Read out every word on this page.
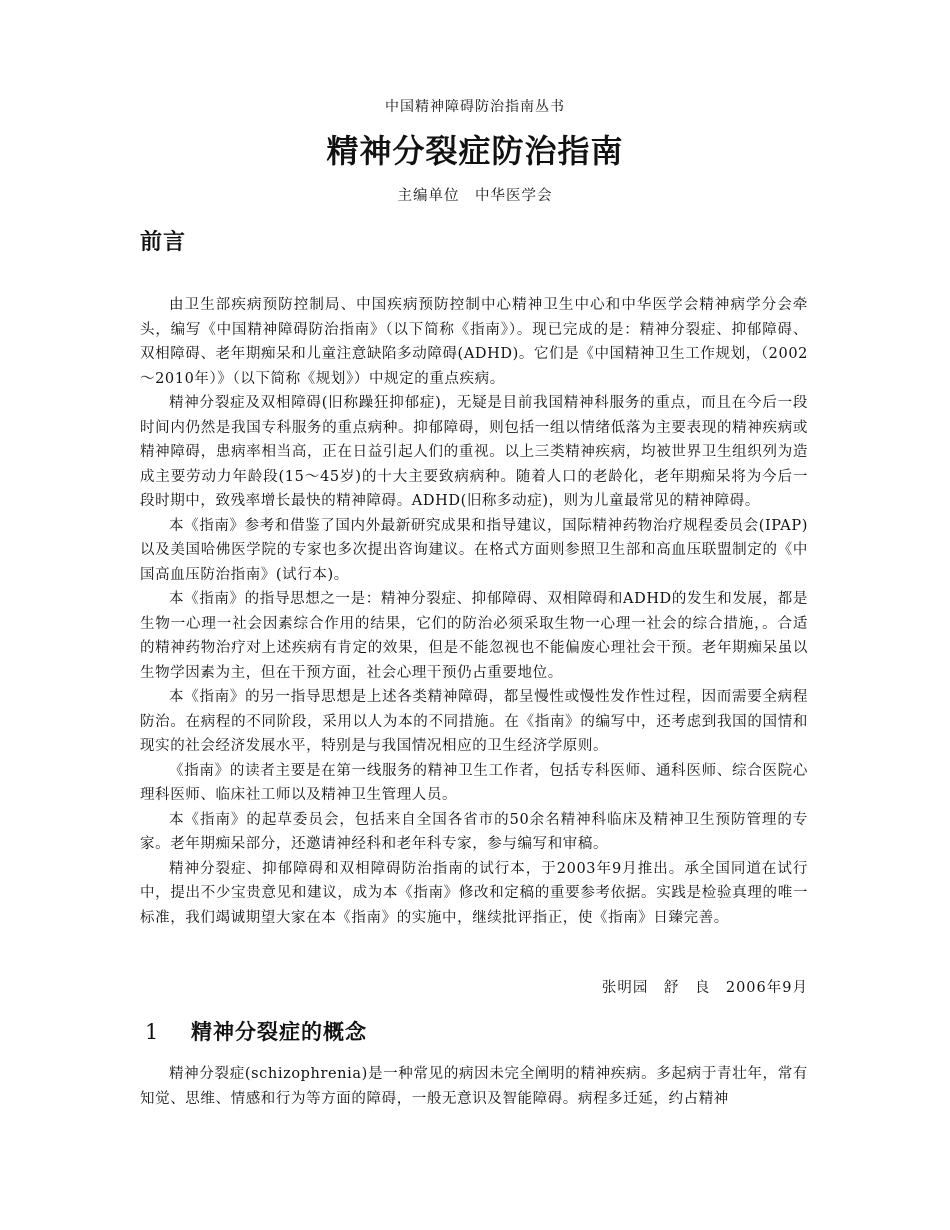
中国精神障碍防治指南丛书
精神分裂症防治指南
主编单位　中华医学会
前言

由卫生部疾病预防控制局、中国疾病预防控制中心精神卫生中心和中华医学会精神病学分会牵头，编写《中国精神障碍防治指南》（以下简称《指南》）。现已完成的是：精神分裂症、抑郁障碍、双相障碍、老年期痴呆和儿童注意缺陷多动障碍(ADHD)。它们是《中国精神卫生工作规划，（2002～2010年）》（以下简称《规划》）中规定的重点疾病。

精神分裂症及双相障碍(旧称躁狂抑郁症)，无疑是目前我国精神科服务的重点，而且在今后一段时间内仍然是我国专科服务的重点病种。抑郁障碍，则包括一组以情绪低落为主要表现的精神疾病或精神障碍，患病率相当高，正在日益引起人们的重视。以上三类精神疾病，均被世界卫生组织列为造成主要劳动力年龄段(15～45岁)的十大主要致病病种。随着人口的老龄化，老年期痴呆将为今后一段时期中，致残率增长最快的精神障碍。ADHD(旧称多动症)，则为儿童最常见的精神障碍。

本《指南》参考和借鉴了国内外最新研究成果和指导建议，国际精神药物治疗规程委员会(IPAP)以及美国哈佛医学院的专家也多次提出咨询建议。在格式方面则参照卫生部和高血压联盟制定的《中国高血压防治指南》(试行本)。

本《指南》的指导思想之一是：精神分裂症、抑郁障碍、双相障碍和ADHD的发生和发展，都是生物一心理一社会因素综合作用的结果，它们的防治必须采取生物一心理一社会的综合措施，。合适的精神药物治疗对上述疾病有肯定的效果，但是不能忽视也不能偏废心理社会干预。老年期痴呆虽以生物学因素为主，但在干预方面，社会心理干预仍占重要地位。

本《指南》的另一指导思想是上述各类精神障碍，都呈慢性或慢性发作性过程，因而需要全病程防治。在病程的不同阶段，采用以人为本的不同措施。在《指南》的编写中，还考虑到我国的国情和现实的社会经济发展水平，特别是与我国情况相应的卫生经济学原则。

《指南》的读者主要是在第一线服务的精神卫生工作者，包括专科医师、通科医师、综合医院心理科医师、临床社工师以及精神卫生管理人员。

本《指南》的起草委员会，包括来自全国各省市的50余名精神科临床及精神卫生预防管理的专家。老年期痴呆部分，还邀请神经科和老年科专家，参与编写和审稿。

精神分裂症、抑郁障碍和双相障碍防治指南的试行本，于2003年9月推出。承全国同道在试行中，提出不少宝贵意见和建议，成为本《指南》修改和定稿的重要参考依据。实践是检验真理的唯一标准，我们竭诚期望大家在本《指南》的实施中，继续批评指正，使《指南》日臻完善。

张明园　舒　良　2006年9月
1 精神分裂症的概念

精神分裂症(schizophrenia)是一种常见的病因未完全阐明的精神疾病。多起病于青壮年，常有知觉、思维、情感和行为等方面的障碍，一般无意识及智能障碍。病程多迁延，约占精神
